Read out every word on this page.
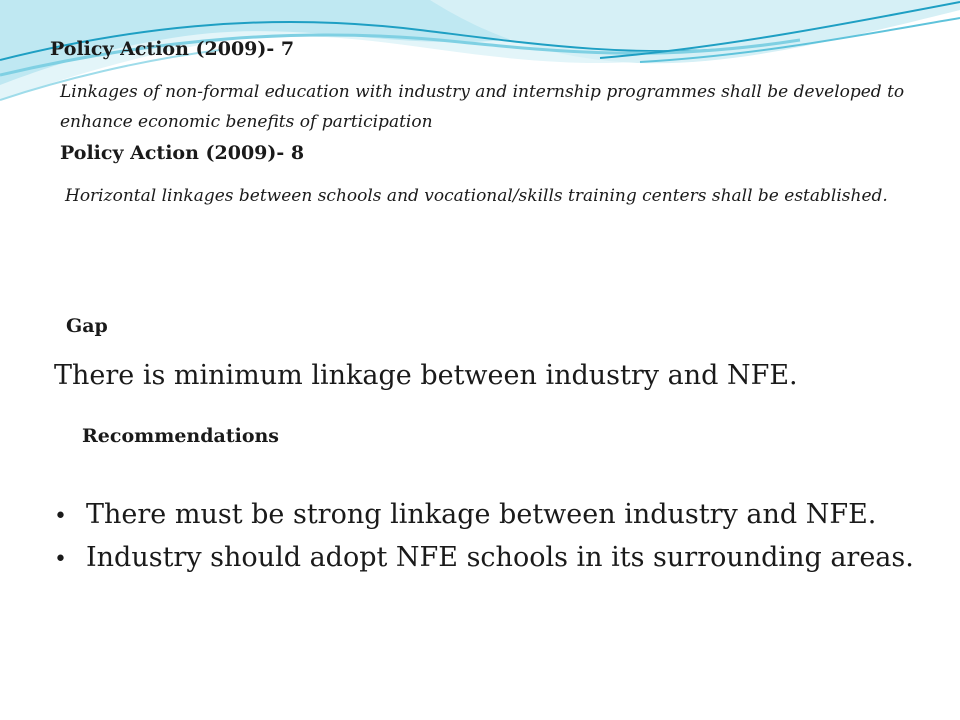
Policy Action (2009)- 7

Linkages of non-formal education with industry and internship programmes shall be developed to enhance economic benefits of participation

Policy Action (2009)- 8

Horizontal linkages between schools and vocational/skills training centers shall be established.

Gap

There is minimum linkage between industry and NFE.

Recommendations
• There must be strong linkage between industry and NFE.
• Industry should adopt NFE schools in its surrounding areas.
